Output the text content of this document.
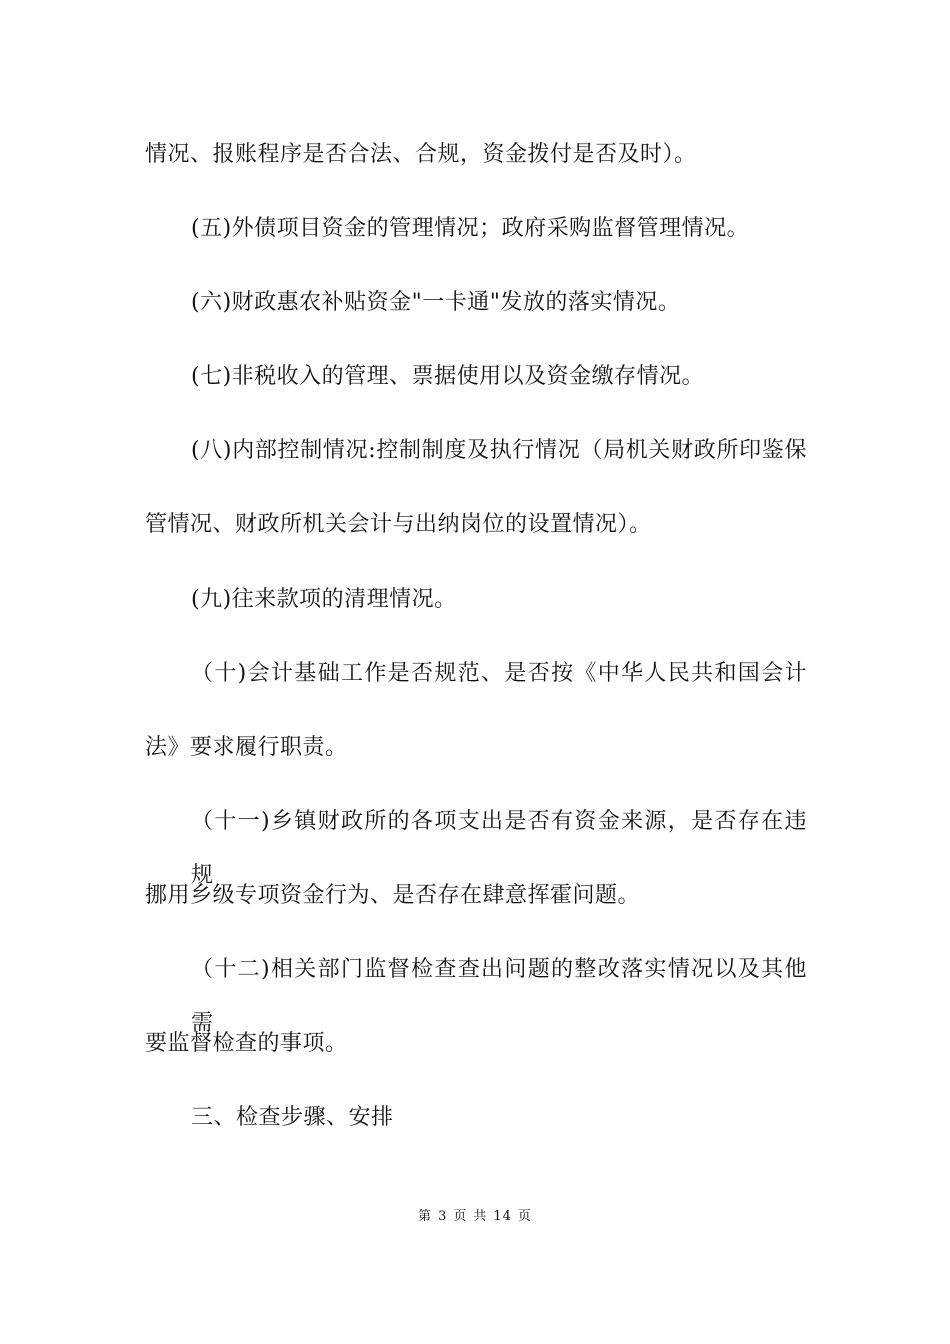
情况、报账程序是否合法、合规，资金拨付是否及时）。
(五)外债项目资金的管理情况；政府采购监督管理情况。
(六)财政惠农补贴资金"一卡通"发放的落实情况。
(七)非税收入的管理、票据使用以及资金缴存情况。
(八)内部控制情况:控制制度及执行情况（局机关财政所印鉴保
管情况、财政所机关会计与出纳岗位的设置情况）。
(九)往来款项的清理情况。
（十)会计基础工作是否规范、是否按《中华人民共和国会计
法》要求履行职责。
（十一)乡镇财政所的各项支出是否有资金来源，是否存在违规
挪用乡级专项资金行为、是否存在肆意挥霍问题。
（十二)相关部门监督检查查出问题的整改落实情况以及其他需
要监督检查的事项。
三、检查步骤、安排
第 3 页 共 14 页
